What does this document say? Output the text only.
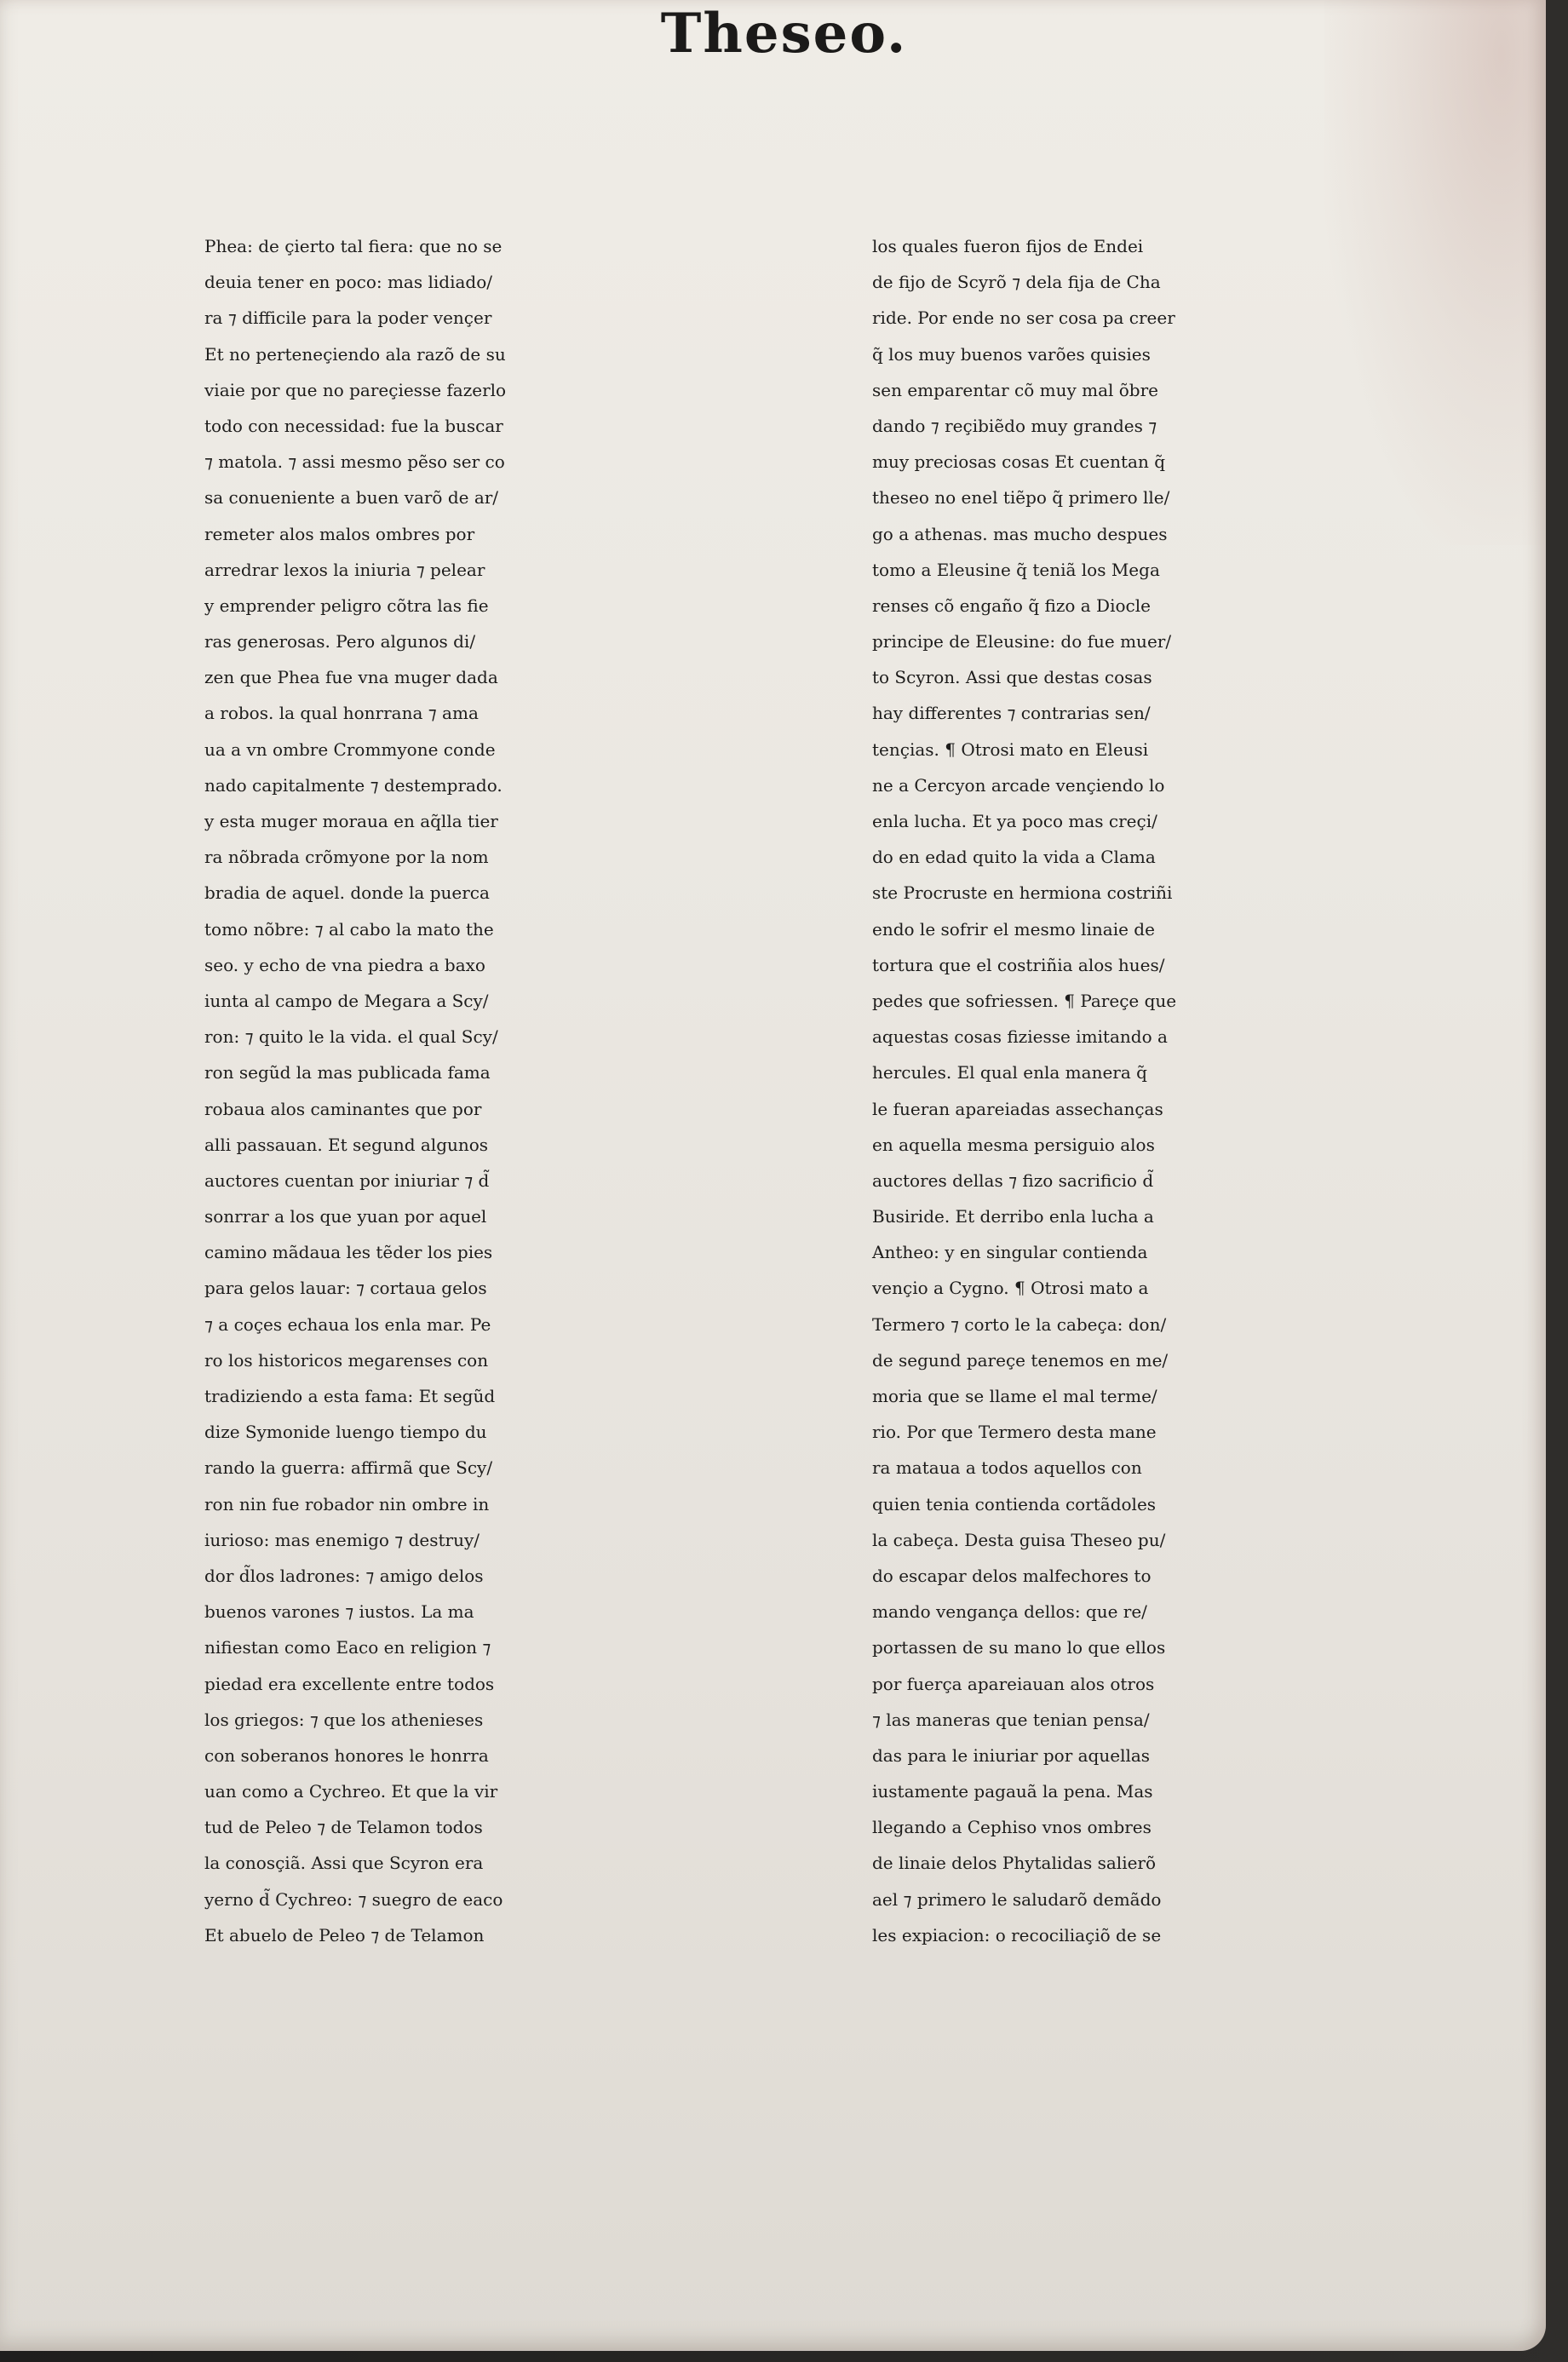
Theseo.
Phea: de çierto tal fiera: que no se
deuia tener en poco: mas lidiado/
ra ⁊ difficile para la poder vençer
Et no perteneçiendo ala razõ de su
viaie por que no pareçiesse fazerlo
todo con necessidad: fue la buscar
⁊ matola. ⁊ assi mesmo pẽso ser co
sa conueniente a buen varõ de ar/
remeter alos malos ombres por
arredrar lexos la iniuria ⁊ pelear
y emprender peligro cõtra las fie
ras generosas. Pero algunos di/
zen que Phea fue vna muger dada
a robos. la qual honrrana ⁊ ama
ua a vn ombre Crommyone conde
nado capitalmente ⁊ destemprado.
y esta muger moraua en aq̃lla tier
ra nõbrada crõmyone por la nom
bradia de aquel. donde la puerca
tomo nõbre: ⁊ al cabo la mato the
seo. y echo de vna piedra a baxo
iunta al campo de Megara a Scy/
ron: ⁊ quito le la vida. el qual Scy/
ron segũd la mas publicada fama
robaua alos caminantes que por
alli passauan. Et segund algunos
auctores cuentan por iniuriar ⁊ d̃
sonrrar a los que yuan por aquel
camino mãdaua les tẽder los pies
para gelos lauar: ⁊ cortaua gelos
⁊ a coçes echaua los enla mar. Pe
ro los historicos megarenses con
tradiziendo a esta fama: Et segũd
dize Symonide luengo tiempo du
rando la guerra: affirmã que Scy/
ron nin fue robador nin ombre in
iurioso: mas enemigo ⁊ destruy/
dor d̃los ladrones: ⁊ amigo delos
buenos varones ⁊ iustos. La ma
nifiestan como Eaco en religion ⁊
piedad era excellente entre todos
los griegos: ⁊ que los athenieses
con soberanos honores le honrra
uan como a Cychreo. Et que la vir
tud de Peleo ⁊ de Telamon todos
la conosçiã. Assi que Scyron era
yerno d̃ Cychreo: ⁊ suegro de eaco
Et abuelo de Peleo ⁊ de Telamon
los quales fueron fijos de Endei
de fijo de Scyrõ ⁊ dela fija de Cha
ride. Por ende no ser cosa pa creer
q̃ los muy buenos varões quisies
sen emparentar cõ muy mal õbre
dando ⁊ reçibiẽdo muy grandes ⁊
muy preciosas cosas Et cuentan q̃
theseo no enel tiẽpo q̃ primero lle/
go a athenas. mas mucho despues
tomo a Eleusine q̃ teniã los Mega
renses cõ engaño q̃ fizo a Diocle
principe de Eleusine: do fue muer/
to Scyron. Assi que destas cosas
hay differentes ⁊ contrarias sen/
tençias. ¶ Otrosi mato en Eleusi
ne a Cercyon arcade vençiendo lo
enla lucha. Et ya poco mas creçi/
do en edad quito la vida a Clama
ste Procruste en hermiona costriñi
endo le sofrir el mesmo linaie de
tortura que el costriñia alos hues/
pedes que sofriessen. ¶ Pareçe que
aquestas cosas fiziesse imitando a
hercules. El qual enla manera q̃
le fueran apareiadas assechanças
en aquella mesma persiguio alos
auctores dellas ⁊ fizo sacrificio d̃
Busiride. Et derribo enla lucha a
Antheo: y en singular contienda
vençio a Cygno. ¶ Otrosi mato a
Termero ⁊ corto le la cabeça: don/
de segund pareçe tenemos en me/
moria que se llame el mal terme/
rio. Por que Termero desta mane
ra mataua a todos aquellos con
quien tenia contienda cortãdoles
la cabeça. Desta guisa Theseo pu/
do escapar delos malfechores to
mando vengança dellos: que re/
portassen de su mano lo que ellos
por fuerça apareiauan alos otros
⁊ las maneras que tenian pensa/
das para le iniuriar por aquellas
iustamente pagauã la pena. Mas
llegando a Cephiso vnos ombres
de linaie delos Phytalidas salierõ
ael ⁊ primero le saludarõ demãdo
les expiacion: o recociliaçiõ de se
